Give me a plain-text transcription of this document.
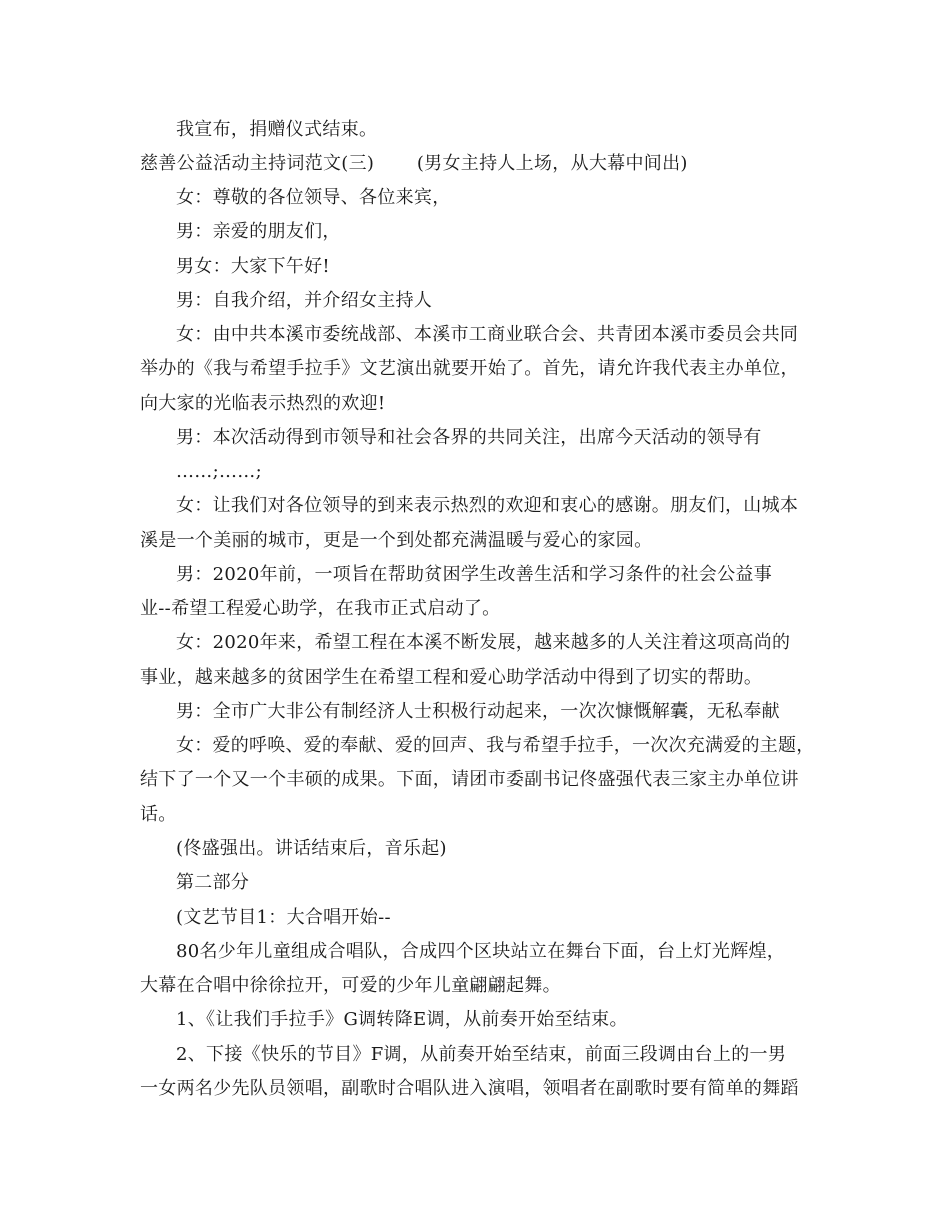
我宣布，捐赠仪式结束。
慈善公益活动主持词范文(三)　　 (男女主持人上场，从大幕中间出)
女：尊敬的各位领导、各位来宾，
男：亲爱的朋友们，
男女：大家下午好!
男：自我介绍，并介绍女主持人
女：由中共本溪市委统战部、本溪市工商业联合会、共青团本溪市委员会共同
举办的《我与希望手拉手》文艺演出就要开始了。首先，请允许我代表主办单位，
向大家的光临表示热烈的欢迎!
男：本次活动得到市领导和社会各界的共同关注，出席今天活动的领导有
……;……;
女：让我们对各位领导的到来表示热烈的欢迎和衷心的感谢。朋友们，山城本
溪是一个美丽的城市，更是一个到处都充满温暖与爱心的家园。
男：2020年前，一项旨在帮助贫困学生改善生活和学习条件的社会公益事
业--希望工程爱心助学，在我市正式启动了。
女：2020年来，希望工程在本溪不断发展，越来越多的人关注着这项高尚的
事业，越来越多的贫困学生在希望工程和爱心助学活动中得到了切实的帮助。
男：全市广大非公有制经济人士积极行动起来，一次次慷慨解囊，无私奉献
女：爱的呼唤、爱的奉献、爱的回声、我与希望手拉手，一次次充满爱的主题，
结下了一个又一个丰硕的成果。下面，请团市委副书记佟盛强代表三家主办单位讲
话。
(佟盛强出。讲话结束后，音乐起)
第二部分
(文艺节目1：大合唱开始--
80名少年儿童组成合唱队，合成四个区块站立在舞台下面，台上灯光辉煌，
大幕在合唱中徐徐拉开，可爱的少年儿童翩翩起舞。
1、《让我们手拉手》G调转降E调，从前奏开始至结束。
2、下接《快乐的节目》F调，从前奏开始至结束，前面三段调由台上的一男
一女两名少先队员领唱，副歌时合唱队进入演唱，领唱者在副歌时要有简单的舞蹈
